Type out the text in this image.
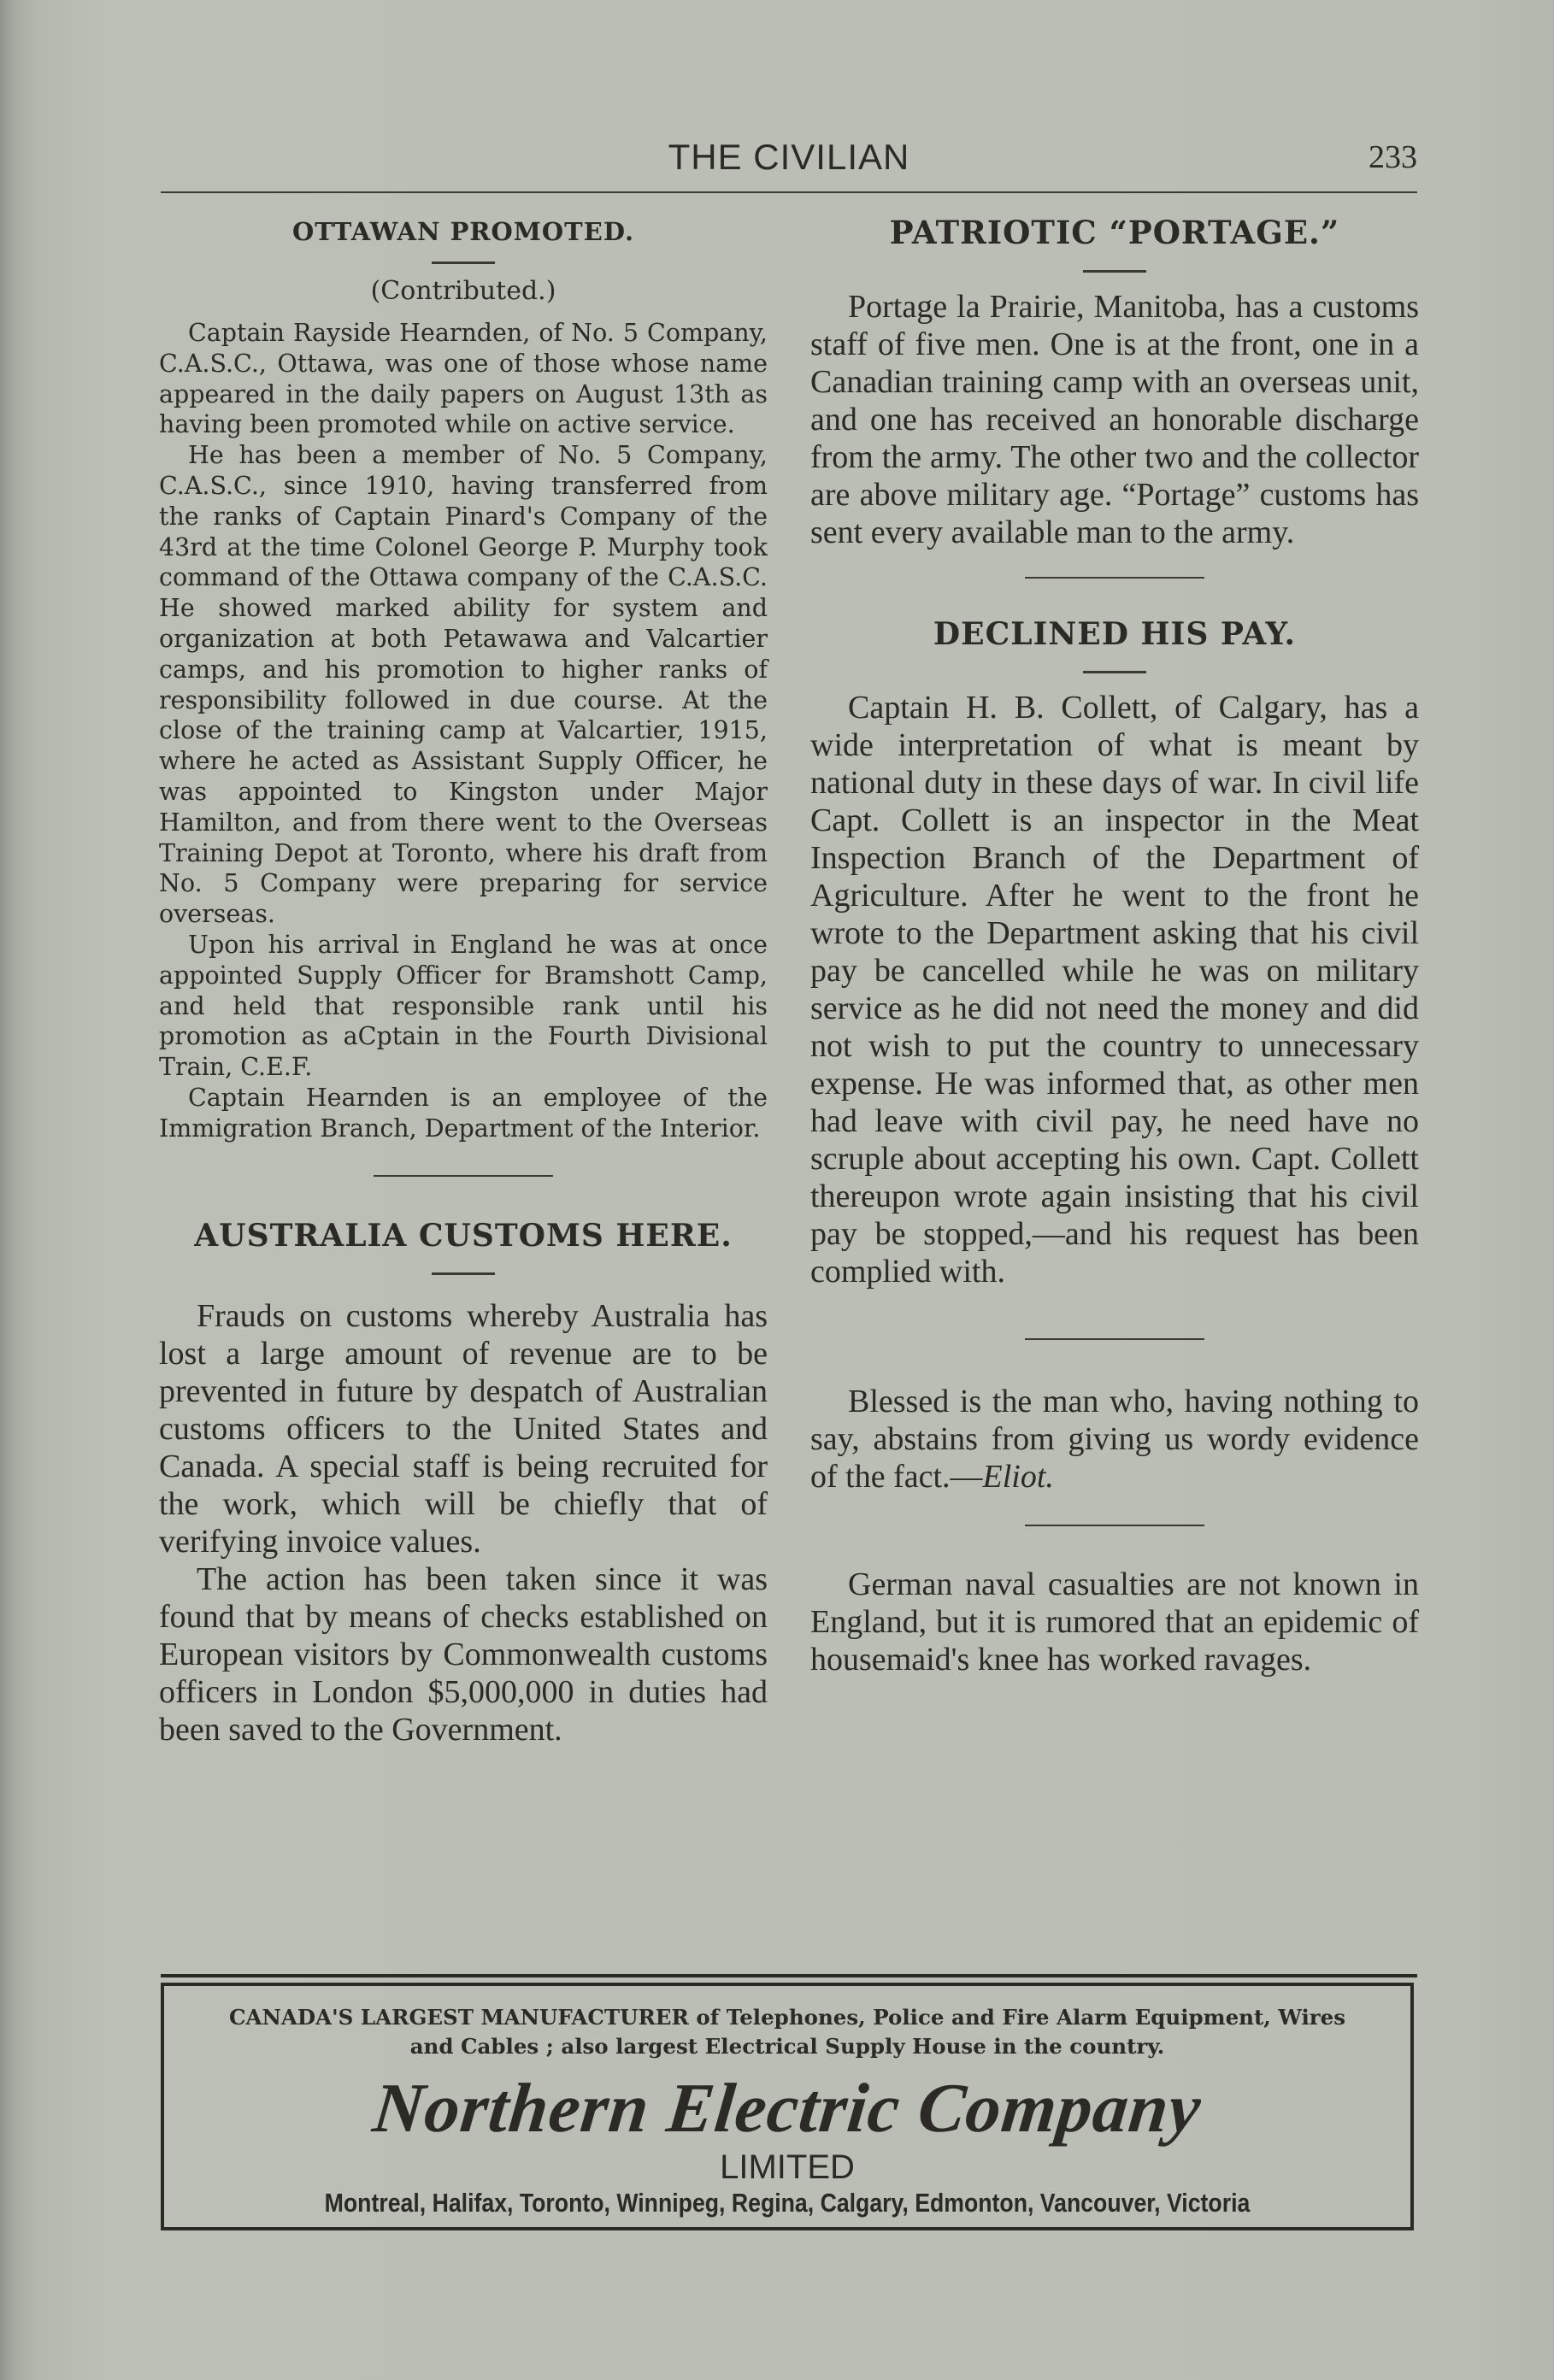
THE CIVILIAN	233
OTTAWAN PROMOTED.
(Contributed.)

Captain Rayside Hearnden, of No. 5 Company, C.A.S.C., Ottawa, was one of those whose name appeared in the daily papers on August 13th as having been promoted while on active service.

He has been a member of No. 5 Company, C.A.S.C., since 1910, having transferred from the ranks of Captain Pinard's Company of the 43rd at the time Colonel George P. Murphy took command of the Ottawa company of the C.A.S.C. He showed marked ability for system and organization at both Petawawa and Valcartier camps, and his promotion to higher ranks of responsibility followed in due course. At the close of the training camp at Valcartier, 1915, where he acted as Assistant Supply Officer, he was appointed to Kingston under Major Hamilton, and from there went to the Overseas Training Depot at Toronto, where his draft from No. 5 Company were preparing for service overseas.

Upon his arrival in England he was at once appointed Supply Officer for Bramshott Camp, and held that responsible rank until his promotion as aCptain in the Fourth Divisional Train, C.E.F.

Captain Hearnden is an employee of the Immigration Branch, Department of the Interior.

AUSTRALIA CUSTOMS HERE.

Frauds on customs whereby Australia has lost a large amount of revenue are to be prevented in future by despatch of Australian customs officers to the United States and Canada. A special staff is being recruited for the work, which will be chiefly that of verifying invoice values.

The action has been taken since it was found that by means of checks established on European visitors by Commonwealth customs officers in London $5,000,000 in duties had been saved to the Government.

PATRIOTIC “PORTAGE.”

Portage la Prairie, Manitoba, has a customs staff of five men. One is at the front, one in a Canadian training camp with an overseas unit, and one has received an honorable discharge from the army. The other two and the collector are above military age. “Portage” customs has sent every available man to the army.

DECLINED HIS PAY.

Captain H. B. Collett, of Calgary, has a wide interpretation of what is meant by national duty in these days of war. In civil life Capt. Collett is an inspector in the Meat Inspection Branch of the Department of Agriculture. After he went to the front he wrote to the Department asking that his civil pay be cancelled while he was on military service as he did not need the money and did not wish to put the country to unnecessary expense. He was informed that, as other men had leave with civil pay, he need have no scruple about accepting his own. Capt. Collett thereupon wrote again insisting that his civil pay be stopped,—and his request has been complied with.

Blessed is the man who, having nothing to say, abstains from giving us wordy evidence of the fact.—Eliot.

German naval casualties are not known in England, but it is rumored that an epidemic of housemaid's knee has worked ravages.

CANADA'S LARGEST MANUFACTURER of Telephones, Police and Fire Alarm Equipment, Wires and Cables ; also largest Electrical Supply House in the country.
Northern Electric Company
LIMITED
Montreal, Halifax, Toronto, Winnipeg, Regina, Calgary, Edmonton, Vancouver, Victoria
